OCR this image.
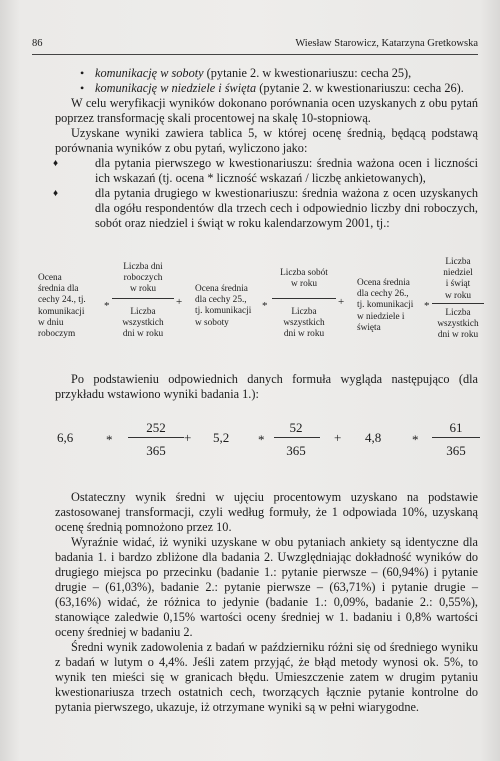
86	Wiesław Starowicz, Katarzyna Gretkowska

• komunikację w soboty (pytanie 2. w kwestionariuszu: cecha 25),

• komunikację w niedziele i święta (pytanie 2. w kwestionariuszu: cecha 26).

W celu weryfikacji wyników dokonano porównania ocen uzyskanych z obu pytań poprzez transformację skali procentowej na skalę 10-stopniową.

Uzyskane wyniki zawiera tablica 5, w której ocenę średnią, będącą podstawą porównania wyników z obu pytań, wyliczono jako:

♦	dla pytania pierwszego w kwestionariuszu: średnia ważona ocen i liczności ich wskazań (tj. ocena * liczność wskazań / liczbę ankietowanych),

♦	dla pytania drugiego w kwestionariuszu: średnia ważona z ocen uzyskanych dla ogółu respondentów dla trzech cech i odpowiednio liczby dni roboczych, sobót oraz niedziel i świąt w roku kalendarzowym 2001, tj.:

Ocena
średnia dla
cechy 24., tj.
komunikacji
w dniu
roboczym
*
Liczba dni
roboczych
w roku
Liczba
wszystkich
dni w roku
+
Ocena średnia
dla cechy 25.,
tj. komunikacji
w soboty
*
Liczba sobót
w roku
Liczba
wszystkich
dni w roku
+
Ocena średnia
dla cechy 26.,
tj. komunikacji
w niedziele i
święta
*
Liczba
niedziel
i świąt
w roku
Liczba
wszystkich
dni w roku

Po podstawieniu odpowiednich danych formuła wygląda następująco (dla przykładu wstawiono wyniki badania 1.):

6,6	*
252
365
+ 5,2 *
52
365
+ 4,8 *
61
365

Ostateczny wynik średni w ujęciu procentowym uzyskano na podstawie zastosowanej transformacji, czyli według formuły, że 1 odpowiada 10%, uzyskaną ocenę średnią pomnożono przez 10.

Wyraźnie widać, iż wyniki uzyskane w obu pytaniach ankiety są identyczne dla badania 1. i bardzo zbliżone dla badania 2. Uwzględniając dokładność wyników do drugiego miejsca po przecinku (badanie 1.: pytanie pierwsze – (60,94%) i pytanie drugie – (61,03%), badanie 2.: pytanie pierwsze – (63,71%) i pytanie drugie – (63,16%) widać, że różnica to jedynie (badanie 1.: 0,09%, badanie 2.: 0,55%), stanowiące zaledwie 0,15% wartości oceny średniej w 1. badaniu i 0,8% wartości oceny średniej w badaniu 2.

Średni wynik zadowolenia z badań w październiku różni się od średniego wyniku z badań w lutym o 4,4%. Jeśli zatem przyjąć, że błąd metody wynosi ok. 5%, to wynik ten mieści się w granicach błędu. Umieszczenie zatem w drugim pytaniu kwestionariusza trzech ostatnich cech, tworzących łącznie pytanie kontrolne do pytania pierwszego, ukazuje, iż otrzymane wyniki są w pełni wiarygodne.
